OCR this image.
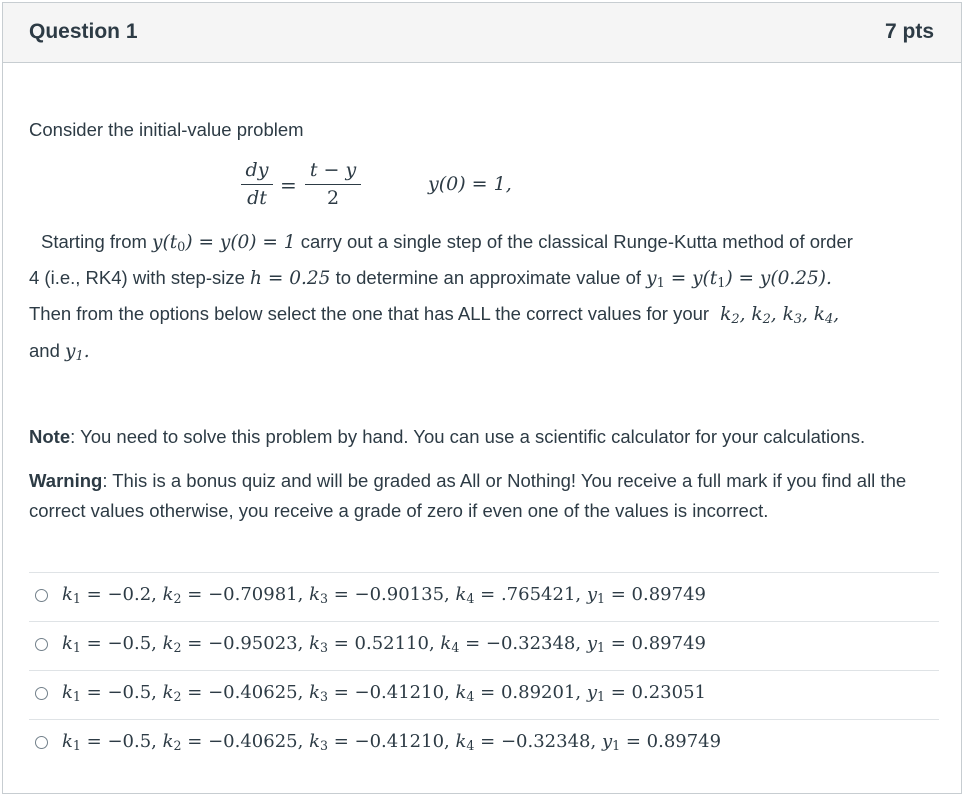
Question 1	7 pts
Consider the initial-value problem
dy
dt
=
t − y
2
y(0) = 1,
Starting from $y(t_0) = y(0) = 1$ carry out a single step of the classical Runge-Kutta method of order
4 (i.e., RK4) with step-size h = 0.25 to determine an approximate value of $y_1 = y(t_1) = y(0.25)$.
Then from the options below select the one that has ALL the correct values for your $k_2$, $k_2$, $k_3$, $k_4$,
and $y_1$.
Note: You need to solve this problem by hand. You can use a scientific calculator for your calculations.
Warning: This is a bonus quiz and will be graded as All or Nothing! You receive a full mark if you find all the correct values otherwise, you receive a grade of zero if even one of the values is incorrect.
$k_1 = -0.2$, $k_2 = -0.70981$, $k_3 = -0.90135$, $k_4 = .765421$, $y_1 = 0.89749$
$k_1 = -0.5$, $k_2 = -0.95023$, $k_3 = 0.52110$, $k_4 = -0.32348$, $y_1 = 0.89749$
$k_1 = -0.5$, $k_2 = -0.40625$, $k_3 = -0.41210$, $k_4 = 0.89201$, $y_1 = 0.23051$
$k_1 = -0.5$, $k_2 = -0.40625$, $k_3 = -0.41210$, $k_4 = -0.32348$, $y_1 = 0.89749$
